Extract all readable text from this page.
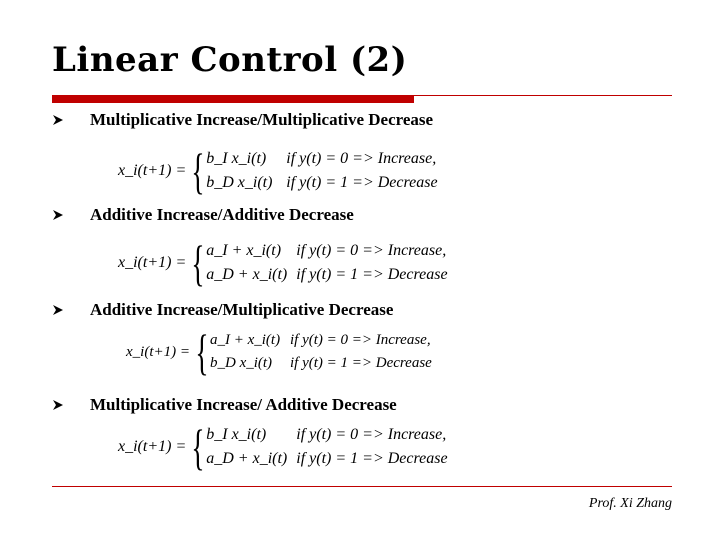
Linear Control (2)
Multiplicative Increase/Multiplicative Decrease
x_i(t+1) = { b_I x_i(t)	if y(t) = 0 => Increase,
b_D x_i(t) if y(t) = 1 => Decrease
Additive Increase/Additive Decrease
x_i(t+1) = { a_I + x_i(t) if y(t) = 0 => Increase,
a_D + x_i(t) if y(t) = 1 => Decrease
Additive Increase/Multiplicative Decrease
x_i(t+1) = { a_I + x_i(t) if y(t) = 0 => Increase,
b_D x_i(t)	if y(t) = 1 => Decrease
Multiplicative Increase/ Additive Decrease
x_i(t+1) = { b_I x_i(t)	if y(t) = 0 => Increase,
a_D + x_i(t) if y(t) = 1 => Decrease
Prof. Xi Zhang
